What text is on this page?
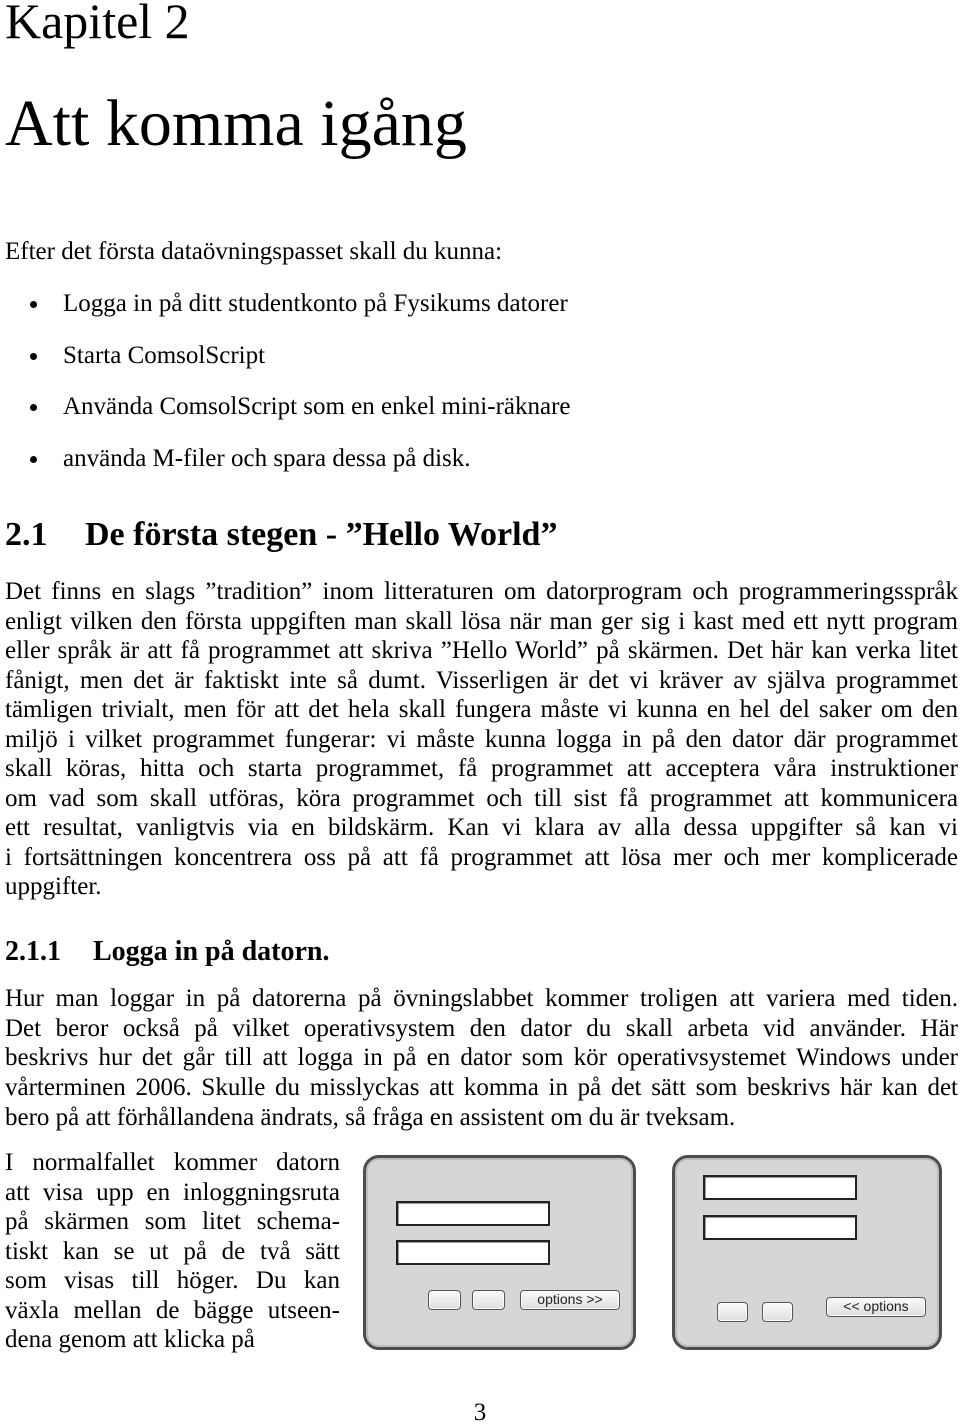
Kapitel 2
Att komma igång
Efter det första dataövningspasset skall du kunna:
Logga in på ditt studentkonto på Fysikums datorer
Starta ComsolScript
Använda ComsolScript som en enkel mini-räknare
använda M-filer och spara dessa på disk.
2.1	De första stegen - ”Hello World”
Det finns en slags ”tradition” inom litteraturen om datorprogram och programmeringsspråk
enligt vilken den första uppgiften man skall lösa när man ger sig i kast med ett nytt program
eller språk är att få programmet att skriva ”Hello World” på skärmen. Det här kan verka litet
fånigt, men det är faktiskt inte så dumt. Visserligen är det vi kräver av själva programmet
tämligen trivialt, men för att det hela skall fungera måste vi kunna en hel del saker om den
miljö i vilket programmet fungerar: vi måste kunna logga in på den dator där programmet
skall köras, hitta och starta programmet, få programmet att acceptera våra instruktioner
om vad som skall utföras, köra programmet och till sist få programmet att kommunicera
ett resultat, vanligtvis via en bildskärm. Kan vi klara av alla dessa uppgifter så kan vi
i fortsättningen koncentrera oss på att få programmet att lösa mer och mer komplicerade
uppgifter.
2.1.1	Logga in på datorn.
Hur man loggar in på datorerna på övningslabbet kommer troligen att variera med tiden.
Det beror också på vilket operativsystem den dator du skall arbeta vid använder. Här
beskrivs hur det går till att logga in på en dator som kör operativsystemet Windows under
vårterminen 2006. Skulle du misslyckas att komma in på det sätt som beskrivs här kan det
bero på att förhållandena ändrats, så fråga en assistent om du är tveksam.
I normalfallet kommer datorn
att visa upp en inloggningsruta
på skärmen som litet schema-
tiskt kan se ut på de två sätt
som visas till höger. Du kan
växla mellan de bägge utseen-
dena genom att klicka på
options >>	<< options
3
